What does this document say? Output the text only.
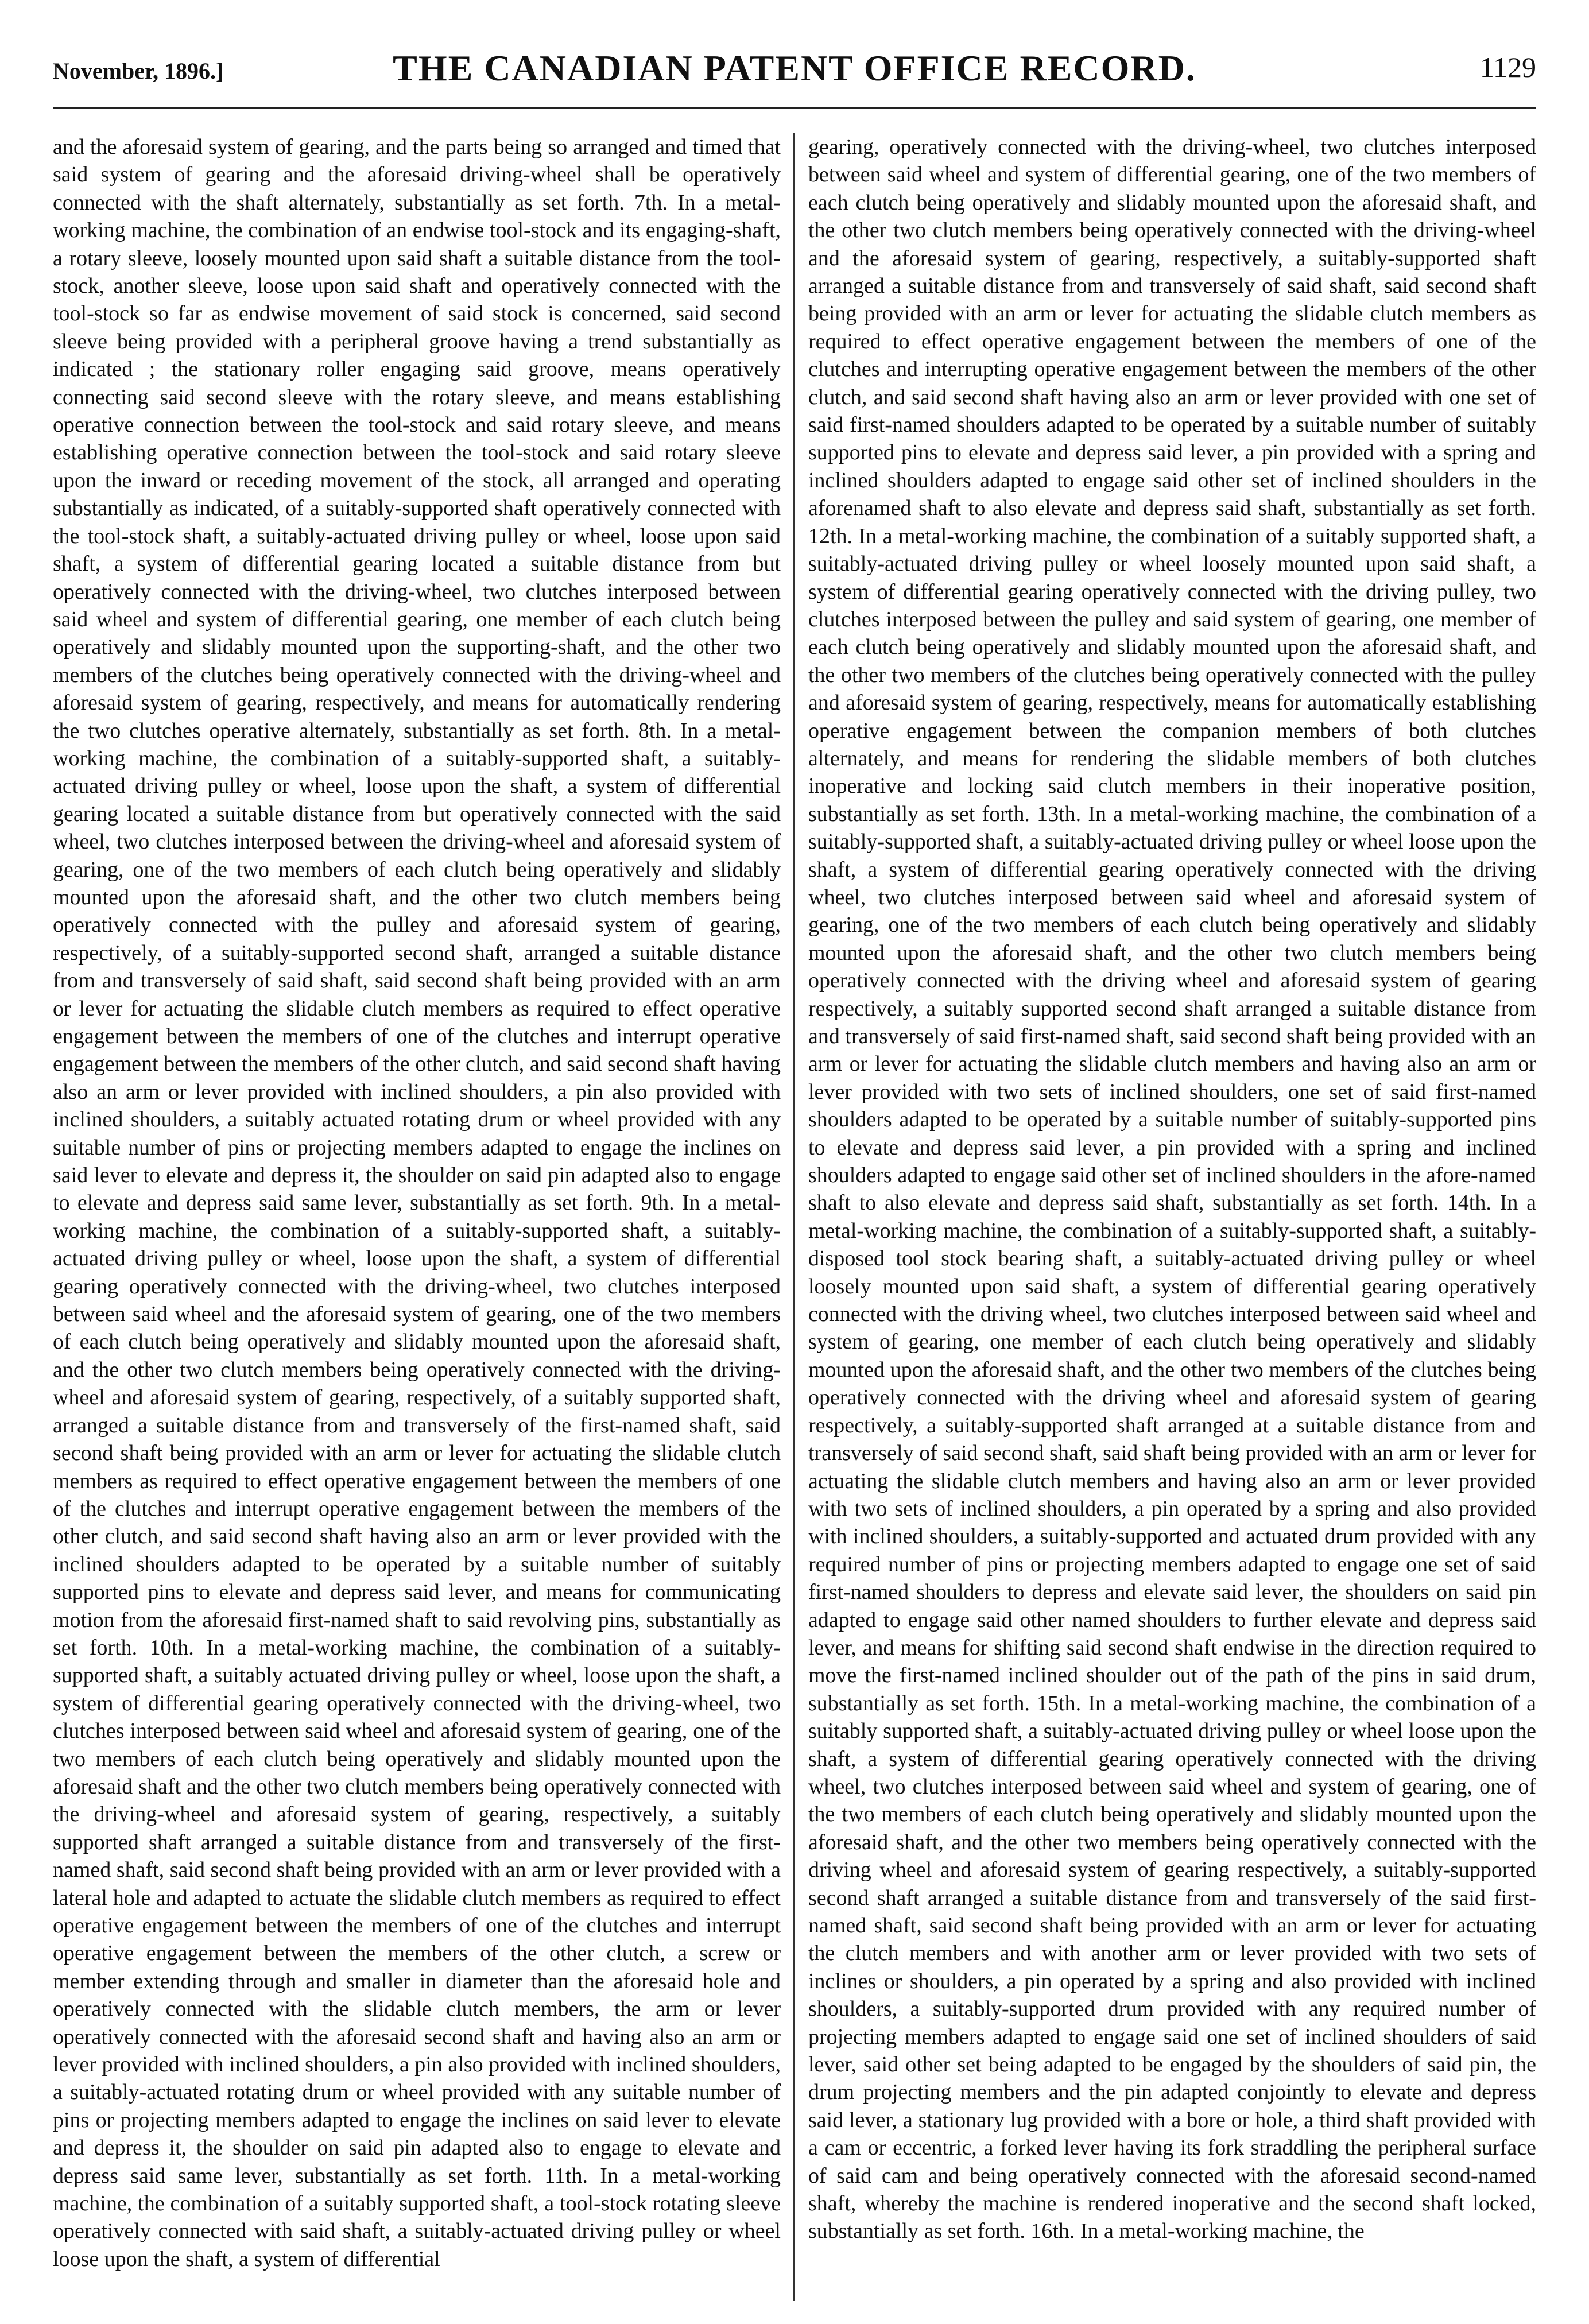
November, 1896.]	THE CANADIAN PATENT OFFICE RECORD.	1129

and the aforesaid system of gearing, and the parts being so arranged and timed that said system of gearing and the aforesaid driving-wheel shall be operatively connected with the shaft alternately, substantially as set forth. 7th. In a metal-working machine, the combination of an endwise tool-stock and its engaging-shaft, a rotary sleeve, loosely mounted upon said shaft a suitable distance from the tool-stock, another sleeve, loose upon said shaft and operatively connected with the tool-stock so far as endwise movement of said stock is concerned, said second sleeve being provided with a peripheral groove having a trend substantially as indicated ; the stationary roller engaging said groove, means operatively connecting said second sleeve with the rotary sleeve, and means establishing operative connection between the tool-stock and said rotary sleeve, and means establishing operative connection between the tool-stock and said rotary sleeve upon the inward or receding movement of the stock, all arranged and operating substantially as indicated, of a suitably-supported shaft operatively connected with the tool-stock shaft, a suitably-actuated driving pulley or wheel, loose upon said shaft, a system of differential gearing located a suitable distance from but operatively connected with the driving-wheel, two clutches interposed between said wheel and system of differential gearing, one member of each clutch being operatively and slidably mounted upon the supporting-shaft, and the other two members of the clutches being operatively connected with the driving-wheel and aforesaid system of gearing, respectively, and means for automatically rendering the two clutches operative alternately, substantially as set forth. 8th. In a metal-working machine, the combination of a suitably-supported shaft, a suitably-actuated driving pulley or wheel, loose upon the shaft, a system of differential gearing located a suitable distance from but operatively connected with the said wheel, two clutches interposed between the driving-wheel and aforesaid system of gearing, one of the two members of each clutch being operatively and slidably mounted upon the aforesaid shaft, and the other two clutch members being operatively connected with the pulley and aforesaid system of gearing, respectively, of a suitably-supported second shaft, arranged a suitable distance from and transversely of said shaft, said second shaft being provided with an arm or lever for actuating the slidable clutch members as required to effect operative engagement between the members of one of the clutches and interrupt operative engagement between the members of the other clutch, and said second shaft having also an arm or lever provided with inclined shoulders, a pin also provided with inclined shoulders, a suitably actuated rotating drum or wheel provided with any suitable number of pins or projecting members adapted to engage the inclines on said lever to elevate and depress it, the shoulder on said pin adapted also to engage to elevate and depress said same lever, substantially as set forth. 9th. In a metal-working machine, the combination of a suitably-supported shaft, a suitably-actuated driving pulley or wheel, loose upon the shaft, a system of differential gearing operatively connected with the driving-wheel, two clutches interposed between said wheel and the aforesaid system of gearing, one of the two members of each clutch being operatively and slidably mounted upon the aforesaid shaft, and the other two clutch members being operatively connected with the driving-wheel and aforesaid system of gearing, respectively, of a suitably supported shaft, arranged a suitable distance from and transversely of the first-named shaft, said second shaft being provided with an arm or lever for actuating the slidable clutch members as required to effect operative engagement between the members of one of the clutches and interrupt operative engagement between the members of the other clutch, and said second shaft having also an arm or lever provided with the inclined shoulders adapted to be operated by a suitable number of suitably supported pins to elevate and depress said lever, and means for communicating motion from the aforesaid first-named shaft to said revolving pins, substantially as set forth. 10th. In a metal-working machine, the combination of a suitably-supported shaft, a suitably actuated driving pulley or wheel, loose upon the shaft, a system of differential gearing operatively connected with the driving-wheel, two clutches interposed between said wheel and aforesaid system of gearing, one of the two members of each clutch being operatively and slidably mounted upon the aforesaid shaft and the other two clutch members being operatively connected with the driving-wheel and aforesaid system of gearing, respectively, a suitably supported shaft arranged a suitable distance from and transversely of the first-named shaft, said second shaft being provided with an arm or lever provided with a lateral hole and adapted to actuate the slidable clutch members as required to effect operative engagement between the members of one of the clutches and interrupt operative engagement between the members of the other clutch, a screw or member extending through and smaller in diameter than the aforesaid hole and operatively connected with the slidable clutch members, the arm or lever operatively connected with the aforesaid second shaft and having also an arm or lever provided with inclined shoulders, a pin also provided with inclined shoulders, a suitably-actuated rotating drum or wheel provided with any suitable number of pins or projecting members adapted to engage the inclines on said lever to elevate and depress it, the shoulder on said pin adapted also to engage to elevate and depress said same lever, substantially as set forth. 11th. In a metal-working machine, the combination of a suitably supported shaft, a tool-stock rotating sleeve operatively connected with said shaft, a suitably-actuated driving pulley or wheel loose upon the shaft, a system of differential

gearing, operatively connected with the driving-wheel, two clutches interposed between said wheel and system of differential gearing, one of the two members of each clutch being operatively and slidably mounted upon the aforesaid shaft, and the other two clutch members being operatively connected with the driving-wheel and the aforesaid system of gearing, respectively, a suitably-supported shaft arranged a suitable distance from and transversely of said shaft, said second shaft being provided with an arm or lever for actuating the slidable clutch members as required to effect operative engagement between the members of one of the clutches and interrupting operative engagement between the members of the other clutch, and said second shaft having also an arm or lever provided with one set of said first-named shoulders adapted to be operated by a suitable number of suitably supported pins to elevate and depress said lever, a pin provided with a spring and inclined shoulders adapted to engage said other set of inclined shoulders in the aforenamed shaft to also elevate and depress said shaft, substantially as set forth. 12th. In a metal-working machine, the combination of a suitably supported shaft, a suitably-actuated driving pulley or wheel loosely mounted upon said shaft, a system of differential gearing operatively connected with the driving pulley, two clutches interposed between the pulley and said system of gearing, one member of each clutch being operatively and slidably mounted upon the aforesaid shaft, and the other two members of the clutches being operatively connected with the pulley and aforesaid system of gearing, respectively, means for automatically establishing operative engagement between the companion members of both clutches alternately, and means for rendering the slidable members of both clutches inoperative and locking said clutch members in their inoperative position, substantially as set forth. 13th. In a metal-working machine, the combination of a suitably-supported shaft, a suitably-actuated driving pulley or wheel loose upon the shaft, a system of differential gearing operatively connected with the driving wheel, two clutches interposed between said wheel and aforesaid system of gearing, one of the two members of each clutch being operatively and slidably mounted upon the aforesaid shaft, and the other two clutch members being operatively connected with the driving wheel and aforesaid system of gearing respectively, a suitably supported second shaft arranged a suitable distance from and transversely of said first-named shaft, said second shaft being provided with an arm or lever for actuating the slidable clutch members and having also an arm or lever provided with two sets of inclined shoulders, one set of said first-named shoulders adapted to be operated by a suitable number of suitably-supported pins to elevate and depress said lever, a pin provided with a spring and inclined shoulders adapted to engage said other set of inclined shoulders in the afore-named shaft to also elevate and depress said shaft, substantially as set forth. 14th. In a metal-working machine, the combination of a suitably-supported shaft, a suitably-disposed tool stock bearing shaft, a suitably-actuated driving pulley or wheel loosely mounted upon said shaft, a system of differential gearing operatively connected with the driving wheel, two clutches interposed between said wheel and system of gearing, one member of each clutch being operatively and slidably mounted upon the aforesaid shaft, and the other two members of the clutches being operatively connected with the driving wheel and aforesaid system of gearing respectively, a suitably-supported shaft arranged at a suitable distance from and transversely of said second shaft, said shaft being provided with an arm or lever for actuating the slidable clutch members and having also an arm or lever provided with two sets of inclined shoulders, a pin operated by a spring and also provided with inclined shoulders, a suitably-supported and actuated drum provided with any required number of pins or projecting members adapted to engage one set of said first-named shoulders to depress and elevate said lever, the shoulders on said pin adapted to engage said other named shoulders to further elevate and depress said lever, and means for shifting said second shaft endwise in the direction required to move the first-named inclined shoulder out of the path of the pins in said drum, substantially as set forth. 15th. In a metal-working machine, the combination of a suitably supported shaft, a suitably-actuated driving pulley or wheel loose upon the shaft, a system of differential gearing operatively connected with the driving wheel, two clutches interposed between said wheel and system of gearing, one of the two members of each clutch being operatively and slidably mounted upon the aforesaid shaft, and the other two members being operatively connected with the driving wheel and aforesaid system of gearing respectively, a suitably-supported second shaft arranged a suitable distance from and transversely of the said first-named shaft, said second shaft being provided with an arm or lever for actuating the clutch members and with another arm or lever provided with two sets of inclines or shoulders, a pin operated by a spring and also provided with inclined shoulders, a suitably-supported drum provided with any required number of projecting members adapted to engage said one set of inclined shoulders of said lever, said other set being adapted to be engaged by the shoulders of said pin, the drum projecting members and the pin adapted conjointly to elevate and depress said lever, a stationary lug provided with a bore or hole, a third shaft provided with a cam or eccentric, a forked lever having its fork straddling the peripheral surface of said cam and being operatively connected with the aforesaid second-named shaft, whereby the machine is rendered inoperative and the second shaft locked, substantially as set forth. 16th. In a metal-working machine, the
